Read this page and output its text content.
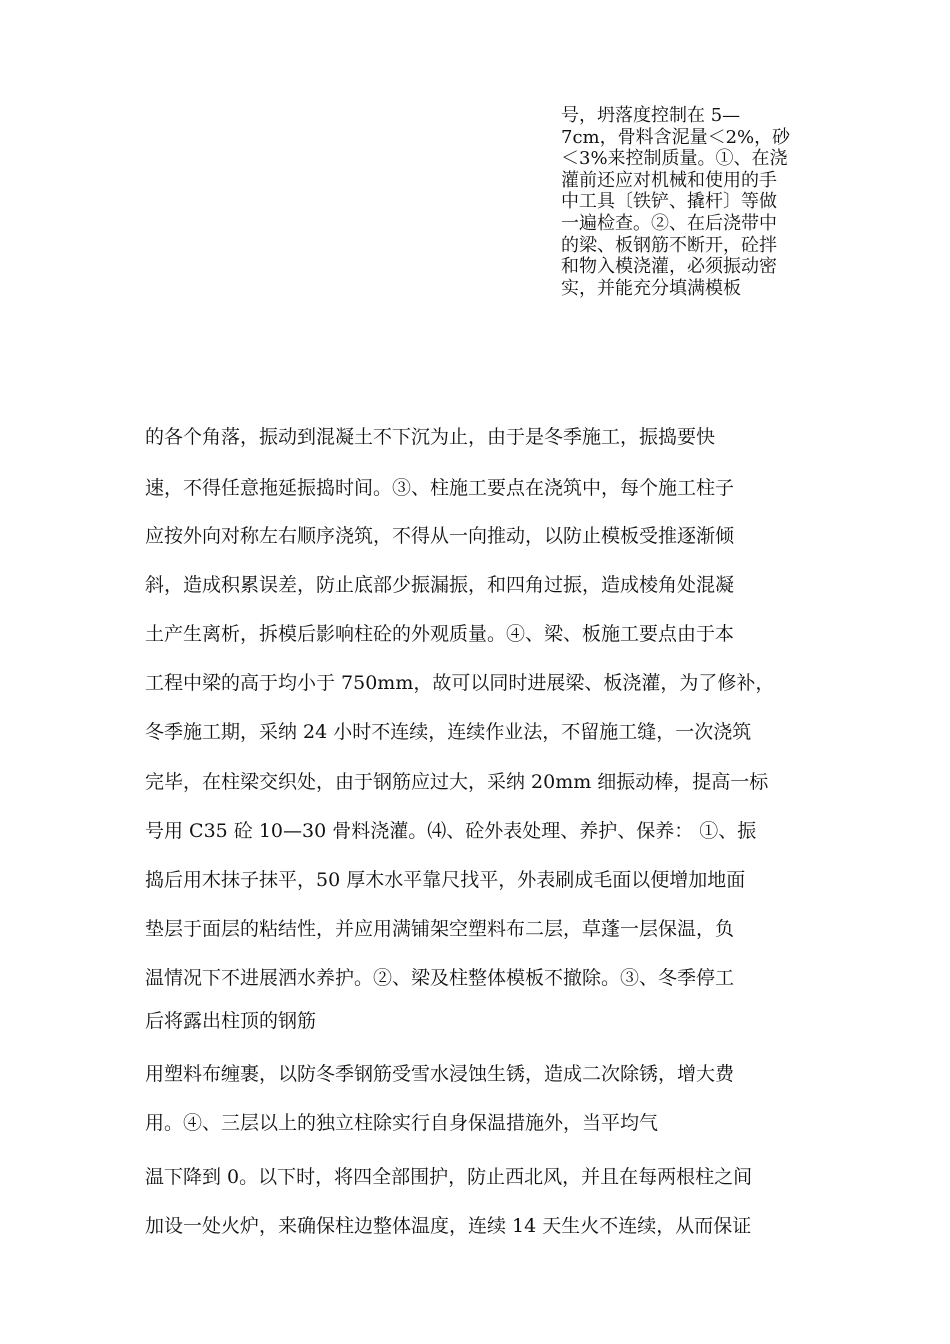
号，坍落度控制在 5—
7cm，骨料含泥量＜2%，砂
＜3%来控制质量。①、在浇
灌前还应对机械和使用的手
中工具〔铁铲、撬杆〕等做
一遍检查。②、在后浇带中
的梁、板钢筋不断开，砼拌
和物入模浇灌，必须振动密
实，并能充分填满模板
的各个角落，振动到混凝土不下沉为止，由于是冬季施工，振捣要快
速，不得任意拖延振捣时间。③、柱施工要点在浇筑中，每个施工柱子
应按外向对称左右顺序浇筑，不得从一向推动，以防止模板受推逐渐倾
斜，造成积累误差，防止底部少振漏振，和四角过振，造成棱角处混凝
土产生离析，拆模后影响柱砼的外观质量。④、梁、板施工要点由于本
工程中梁的高于均小于 750mm，故可以同时进展梁、板浇灌，为了修补，
冬季施工期，采纳 24 小时不连续，连续作业法，不留施工缝，一次浇筑
完毕，在柱梁交织处，由于钢筋应过大，采纳 20mm 细振动棒，提高一标
号用 C35 砼 10—30 骨料浇灌。⑷、砼外表处理、养护、保养： ①、振
捣后用木抹子抹平，50 厚木水平靠尺找平，外表刷成毛面以便增加地面
垫层于面层的粘结性，并应用满铺架空塑料布二层，草蓬一层保温，负
温情况下不进展洒水养护。②、梁及柱整体模板不撤除。③、冬季停工
后将露出柱顶的钢筋
用塑料布缠裹，以防冬季钢筋受雪水浸蚀生锈，造成二次除锈，增大费
用。④、三层以上的独立柱除实行自身保温措施外，当平均气
温下降到 0。以下时，将四全部围护，防止西北风，并且在每两根柱之间
加设一处火炉，来确保柱边整体温度，连续 14 天生火不连续，从而保证
